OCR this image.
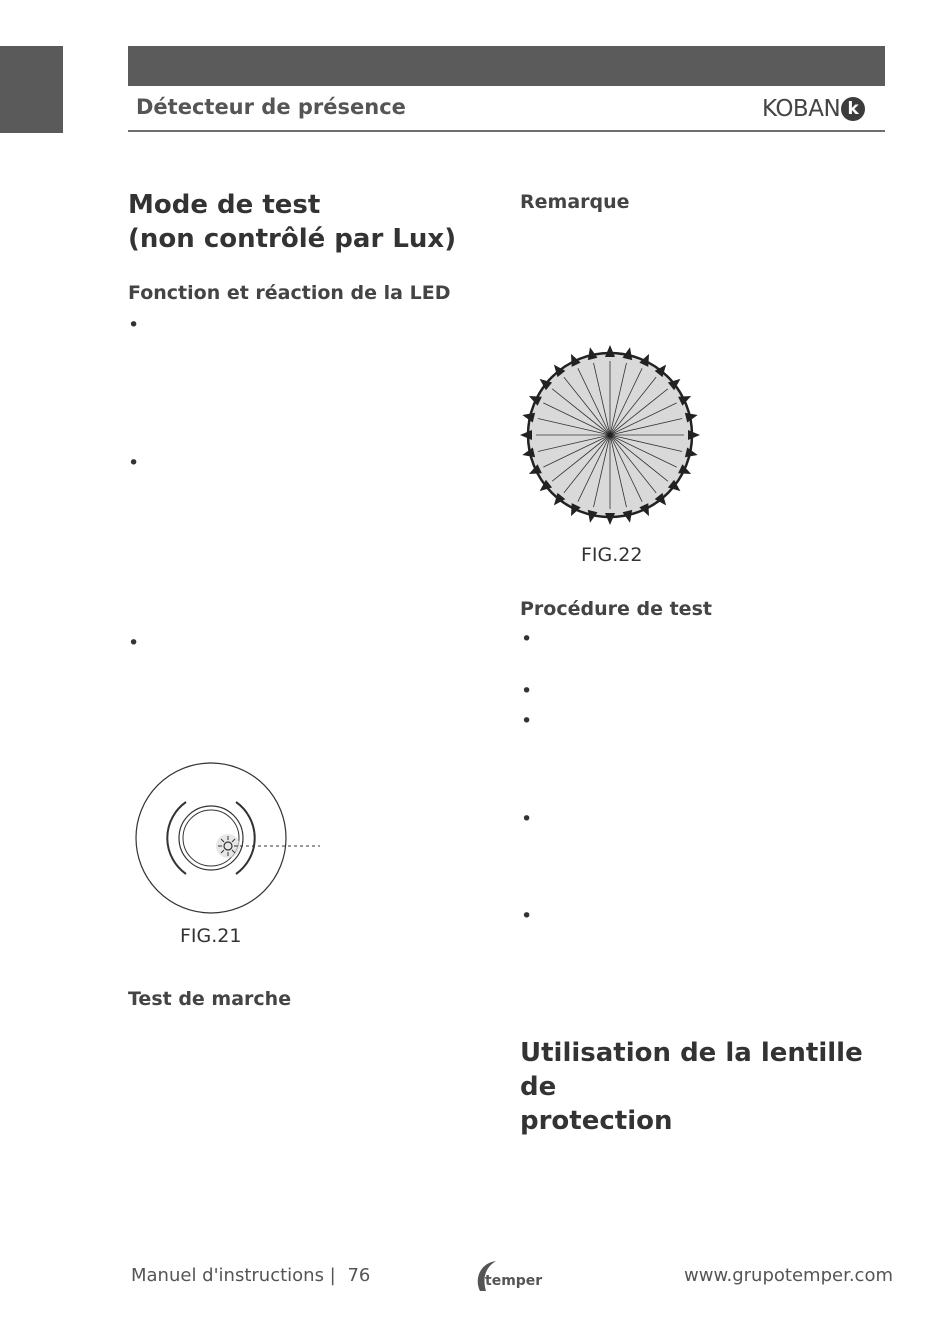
Détecteur de présence	KOBAN k
Mode de test
(non contrôlé par Lux)
Fonction et réaction de la LED
•
•
•
FIG.21
Test de marche
Remarque
FIG.22
Procédure de test
•
•
•
•
•
Utilisation de la lentille de
protection
Manuel d'instructions | 76	temper	www.grupotemper.com
